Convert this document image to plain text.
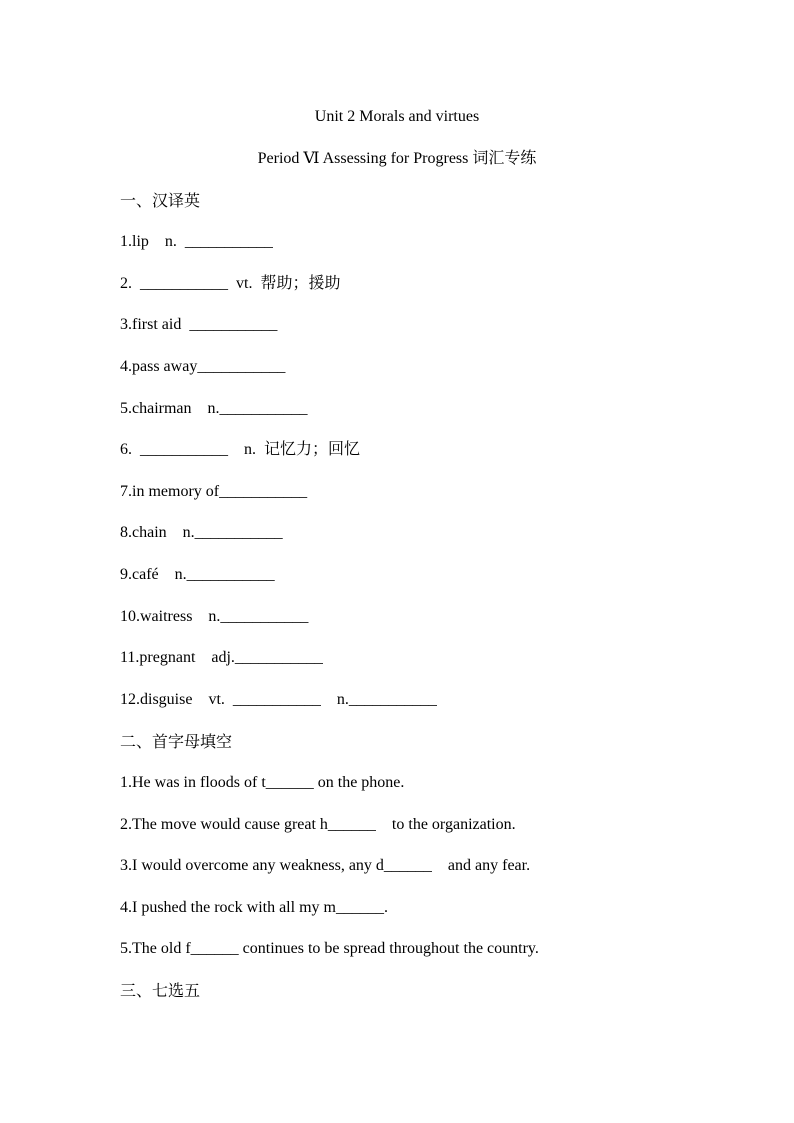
Unit 2 Morals and virtues
Period Ⅵ Assessing for Progress 词汇专练
一、汉译英
1.lip    n.  ___________
2.  ___________  vt.  帮助；援助
3.first aid  ___________
4.pass away___________
5.chairman    n.___________
6.  ___________    n.  记忆力；回忆
7.in memory of___________
8.chain    n.___________
9.café    n.___________
10.waitress    n.___________
11.pregnant    adj.___________
12.disguise    vt.  ___________    n.___________
二、首字母填空
1.He was in floods of t______ on the phone.
2.The move would cause great h______    to the organization.
3.I would overcome any weakness, any d______    and any fear.
4.I pushed the rock with all my m______.
5.The old f______ continues to be spread throughout the country.
三、七选五
